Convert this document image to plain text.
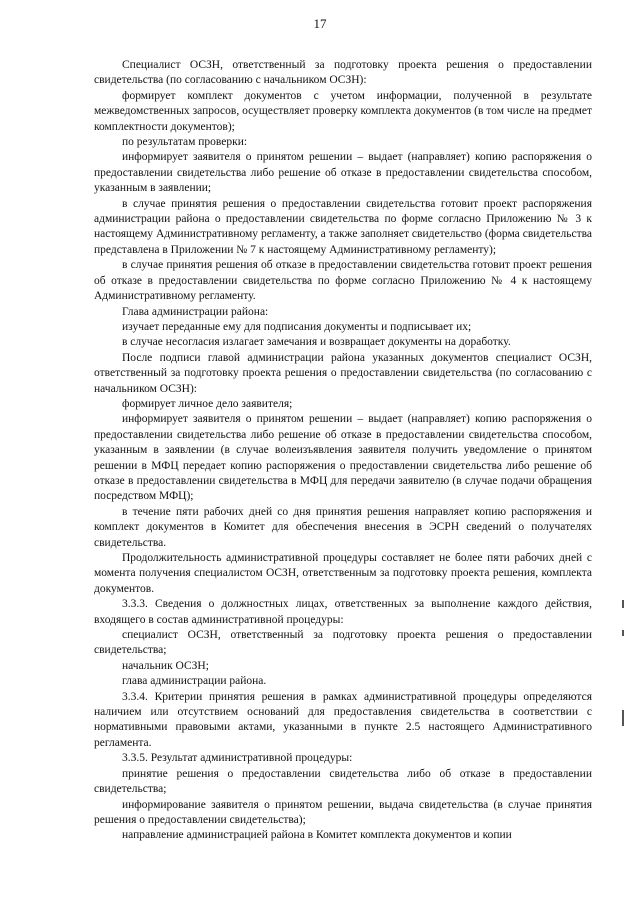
17

Специалист ОСЗН, ответственный за подготовку проекта решения о предоставлении свидетельства (по согласованию с начальником ОСЗН):

формирует комплект документов с учетом информации, полученной в результате межведомственных запросов, осуществляет проверку комплекта документов (в том числе на предмет комплектности документов);

по результатам проверки:

информирует заявителя о принятом решении – выдает (направляет) копию распоряжения о предоставлении свидетельства либо решение об отказе в предоставлении свидетельства способом, указанным в заявлении;

в случае принятия решения о предоставлении свидетельства готовит проект распоряжения администрации района о предоставлении свидетельства по форме согласно Приложению № 3 к настоящему Административному регламенту, а также заполняет свидетельство (форма свидетельства представлена в Приложении № 7 к настоящему Административному регламенту);

в случае принятия решения об отказе в предоставлении свидетельства готовит проект решения об отказе в предоставлении свидетельства по форме согласно Приложению № 4 к настоящему Административному регламенту.

Глава администрации района:

изучает переданные ему для подписания документы и подписывает их;

в случае несогласия излагает замечания и возвращает документы на доработку.

После подписи главой администрации района указанных документов специалист ОСЗН, ответственный за подготовку проекта решения о предоставлении свидетельства (по согласованию с начальником ОСЗН):

формирует личное дело заявителя;

информирует заявителя о принятом решении – выдает (направляет) копию распоряжения о предоставлении свидетельства либо решение об отказе в предоставлении свидетельства способом, указанным в заявлении (в случае волеизъявления заявителя получить уведомление о принятом решении в МФЦ передает копию распоряжения о предоставлении свидетельства либо решение об отказе в предоставлении свидетельства в МФЦ для передачи заявителю (в случае подачи обращения посредством МФЦ);

в течение пяти рабочих дней со дня принятия решения направляет копию распоряжения и комплект документов в Комитет для обеспечения внесения в ЭСРН сведений о получателях свидетельства.

Продолжительность административной процедуры составляет не более пяти рабочих дней с момента получения специалистом ОСЗН, ответственным за подготовку проекта решения, комплекта документов.

3.3.3. Сведения о должностных лицах, ответственных за выполнение каждого действия, входящего в состав административной процедуры:

специалист ОСЗН, ответственный за подготовку проекта решения о предоставлении свидетельства;

начальник ОСЗН;

глава администрации района.

3.3.4. Критерии принятия решения в рамках административной процедуры определяются наличием или отсутствием оснований для предоставления свидетельства в соответствии с нормативными правовыми актами, указанными в пункте 2.5 настоящего Административного регламента.

3.3.5. Результат административной процедуры:

принятие решения о предоставлении свидетельства либо об отказе в предоставлении свидетельства;

информирование заявителя о принятом решении, выдача свидетельства (в случае принятия решения о предоставлении свидетельства);

направление администрацией района в Комитет комплекта документов и копии
